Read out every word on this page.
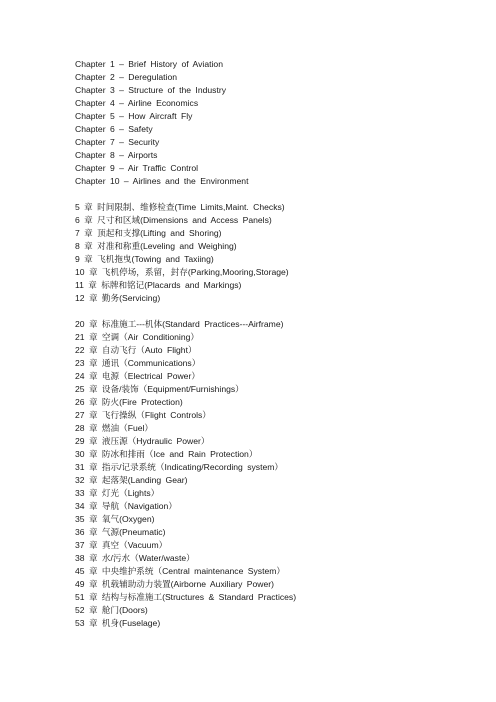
Chapter 1 – Brief History of Aviation
Chapter 2 – Deregulation
Chapter 3 – Structure of the Industry
Chapter 4 – Airline Economics
Chapter 5 – How Aircraft Fly
Chapter 6 – Safety
Chapter 7 – Security
Chapter 8 – Airports
Chapter 9 – Air Traffic Control
Chapter 10 – Airlines and the Environment
5 章 时间限制、维修检查(Time Limits,Maint. Checks)
6 章 尺寸和区域(Dimensions and Access Panels)
7 章 顶起和支撑(Lifting and Shoring)
8 章 对准和称重(Leveling and Weighing)
9 章 飞机拖曳(Towing and Taxiing)
10 章 飞机停场，系留，封存(Parking,Mooring,Storage)
11 章 标牌和铭记(Placards and Markings)
12 章 勤务(Servicing)
20 章 标准施工---机体(Standard Practices---Airframe)
21 章 空调（Air Conditioning）
22 章 自动飞行（Auto Flight）
23 章 通讯（Communications）
24 章 电源（Electrical Power）
25 章 设备/装饰（Equipment/Furnishings）
26 章 防火(Fire Protection)
27 章 飞行操纵（Flight Controls）
28 章 燃油（Fuel）
29 章 液压源（Hydraulic Power）
30 章 防冰和排雨（Ice and Rain Protection）
31 章 指示/记录系统（Indicating/Recording system）
32 章 起落架(Landing Gear)
33 章 灯光（Lights）
34 章 导航（Navigation）
35 章 氧气(Oxygen)
36 章 气源(Pneumatic)
37 章 真空（Vacuum）
38 章 水/污水（Water/waste）
45 章 中央维护系统（Central maintenance System）
49 章 机载辅助动力装置(Airborne Auxiliary Power)
51 章 结构与标准施工(Structures & Standard Practices)
52 章 舱门(Doors)
53 章 机身(Fuselage)
